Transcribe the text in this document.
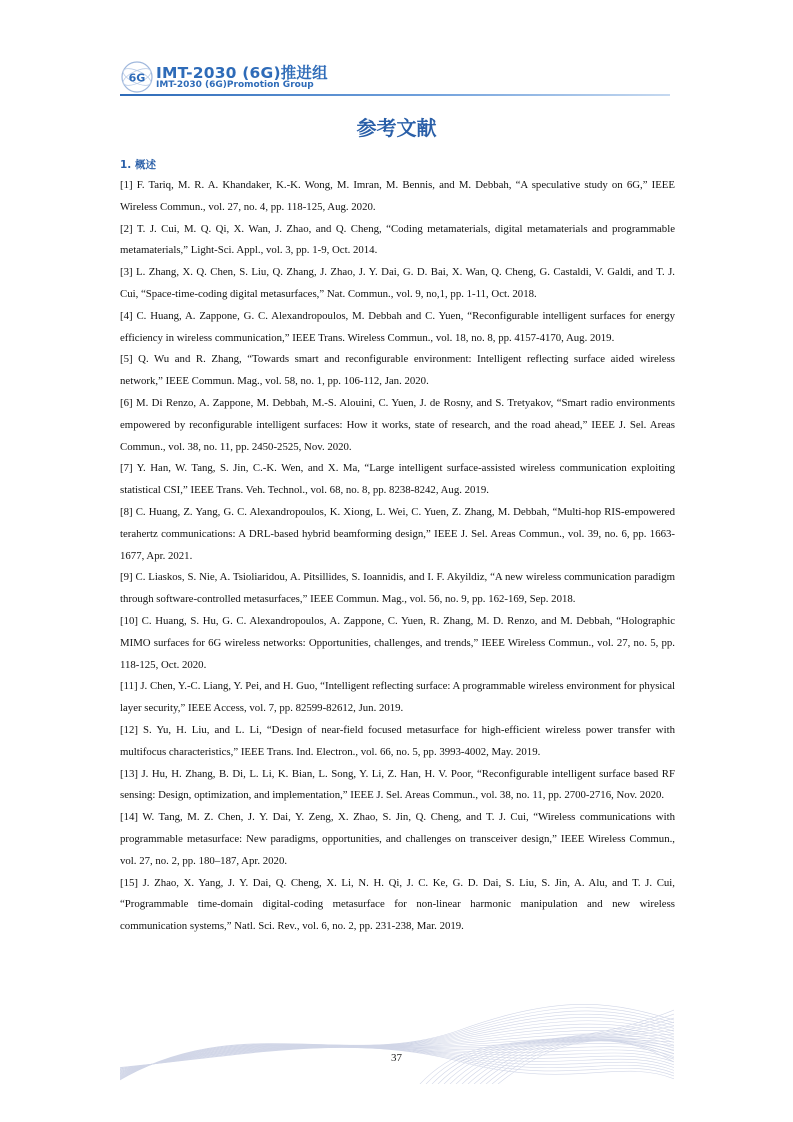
6G IMT-2030 (6G)推进组
IMT-2030 (6G)Promotion Group
参考文献

1. 概述

[1] F. Tariq, M. R. A. Khandaker, K.-K. Wong, M. Imran, M. Bennis, and M. Debbah, “A speculative study on 6G,” IEEE Wireless Commun., vol. 27, no. 4, pp. 118-125, Aug. 2020.

[2] T. J. Cui, M. Q. Qi, X. Wan, J. Zhao, and Q. Cheng, “Coding metamaterials, digital metamaterials and programmable metamaterials,” Light-Sci. Appl., vol. 3, pp. 1-9, Oct. 2014.

[3] L. Zhang, X. Q. Chen, S. Liu, Q. Zhang, J. Zhao, J. Y. Dai, G. D. Bai, X. Wan, Q. Cheng, G. Castaldi, V. Galdi, and T. J. Cui, “Space-time-coding digital metasurfaces,” Nat. Commun., vol. 9, no,1, pp. 1-11, Oct. 2018.

[4] C. Huang, A. Zappone, G. C. Alexandropoulos, M. Debbah and C. Yuen, “Reconfigurable intelligent surfaces for energy efficiency in wireless communication,” IEEE Trans. Wireless Commun., vol. 18, no. 8, pp. 4157-4170, Aug. 2019.

[5] Q. Wu and R. Zhang, “Towards smart and reconfigurable environment: Intelligent reflecting surface aided wireless network,” IEEE Commun. Mag., vol. 58, no. 1, pp. 106-112, Jan. 2020.

[6] M. Di Renzo, A. Zappone, M. Debbah, M.-S. Alouini, C. Yuen, J. de Rosny, and S. Tretyakov, “Smart radio environments empowered by reconfigurable intelligent surfaces: How it works, state of research, and the road ahead,” IEEE J. Sel. Areas Commun., vol. 38, no. 11, pp. 2450-2525, Nov. 2020.

[7] Y. Han, W. Tang, S. Jin, C.-K. Wen, and X. Ma, “Large intelligent surface-assisted wireless communication exploiting statistical CSI,” IEEE Trans. Veh. Technol., vol. 68, no. 8, pp. 8238-8242, Aug. 2019.

[8] C. Huang, Z. Yang, G. C. Alexandropoulos, K. Xiong, L. Wei, C. Yuen, Z. Zhang, M. Debbah, “Multi-hop RIS-empowered terahertz communications: A DRL-based hybrid beamforming design,” IEEE J. Sel. Areas Commun., vol. 39, no. 6, pp. 1663-1677, Apr. 2021.

[9] C. Liaskos, S. Nie, A. Tsioliaridou, A. Pitsillides, S. Ioannidis, and I. F. Akyildiz, “A new wireless communication paradigm through software-controlled metasurfaces,” IEEE Commun. Mag., vol. 56, no. 9, pp. 162-169, Sep. 2018.

[10] C. Huang, S. Hu, G. C. Alexandropoulos, A. Zappone, C. Yuen, R. Zhang, M. D. Renzo, and M. Debbah, “Holographic MIMO surfaces for 6G wireless networks: Opportunities, challenges, and trends,” IEEE Wireless Commun., vol. 27, no. 5, pp. 118-125, Oct. 2020.

[11] J. Chen, Y.-C. Liang, Y. Pei, and H. Guo, “Intelligent reflecting surface: A programmable wireless environment for physical layer security,” IEEE Access, vol. 7, pp. 82599-82612, Jun. 2019.

[12] S. Yu, H. Liu, and L. Li, “Design of near-field focused metasurface for high-efficient wireless power transfer with multifocus characteristics,” IEEE Trans. Ind. Electron., vol. 66, no. 5, pp. 3993-4002, May. 2019.

[13] J. Hu, H. Zhang, B. Di, L. Li, K. Bian, L. Song, Y. Li, Z. Han, H. V. Poor, “Reconfigurable intelligent surface based RF sensing: Design, optimization, and implementation,” IEEE J. Sel. Areas Commun., vol. 38, no. 11, pp. 2700-2716, Nov. 2020.

[14] W. Tang, M. Z. Chen, J. Y. Dai, Y. Zeng, X. Zhao, S. Jin, Q. Cheng, and T. J. Cui, “Wireless communications with programmable metasurface: New paradigms, opportunities, and challenges on transceiver design,” IEEE Wireless Commun., vol. 27, no. 2, pp. 180–187, Apr. 2020.

[15] J. Zhao, X. Yang, J. Y. Dai, Q. Cheng, X. Li, N. H. Qi, J. C. Ke, G. D. Dai, S. Liu, S. Jin, A. Alu, and T. J. Cui, “Programmable time-domain digital-coding metasurface for non-linear harmonic manipulation and new wireless communication systems,” Natl. Sci. Rev., vol. 6, no. 2, pp. 231-238, Mar. 2019.

37
